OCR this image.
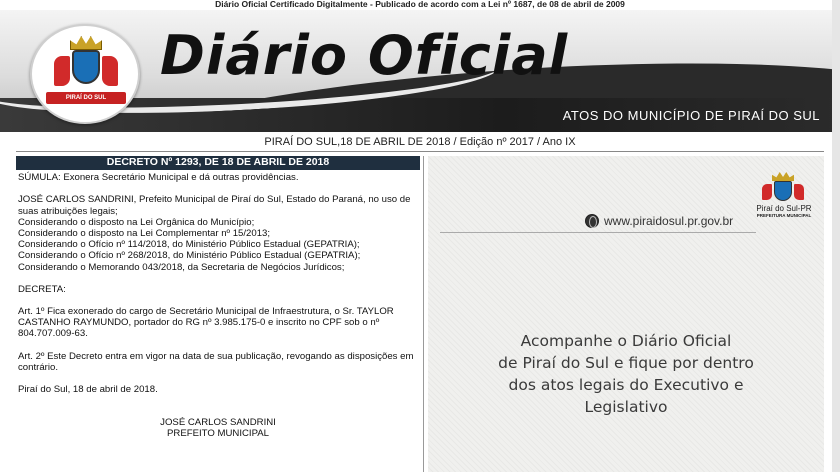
Diário Oficial Certificado Digitalmente - Publicado de acordo com a Lei nº 1687, de 08 de abril de 2009
PIRAÍ DO SUL
Diário Oficial
ATOS DO MUNICÍPIO DE PIRAÍ DO SUL
PIRAÍ DO SUL,18 DE ABRIL DE 2018 / Edição nº 2017 / Ano IX
DECRETO Nº 1293, DE 18 DE ABRIL DE 2018
SÚMULA: Exonera Secretário Municipal e dá outras providências.
JOSÉ CARLOS SANDRINI, Prefeito Municipal de Piraí do Sul, Estado do Paraná, no uso de suas atribuições legais;
Considerando o disposto na Lei Orgânica do Município;
Considerando o disposto na Lei Complementar nº 15/2013;
Considerando o Ofício nº 114/2018, do Ministério Público Estadual (GEPATRIA);
Considerando o Ofício nº 268/2018, do Ministério Público Estadual (GEPATRIA);
Considerando o Memorando 043/2018, da Secretaria de Negócios Jurídicos;
DECRETA:
Art. 1º Fica exonerado do cargo de Secretário Municipal de Infraestrutura, o Sr. TAYLOR CASTANHO RAYMUNDO, portador do RG nº 3.985.175-0 e inscrito no CPF sob o nº 804.707.009-63.
Art. 2º Este Decreto entra em vigor na data de sua publicação, revogando as disposições em contrário.
Piraí do Sul, 18 de abril de 2018.
JOSÉ CARLOS SANDRINI
PREFEITO MUNICIPAL
Piraí do Sul-PR
PREFEITURA MUNICIPAL
www.piraidosul.pr.gov.br
Acompanhe o Diário Oficial
de Piraí do Sul e fique por dentro
dos atos legais do Executivo e
Legislativo
